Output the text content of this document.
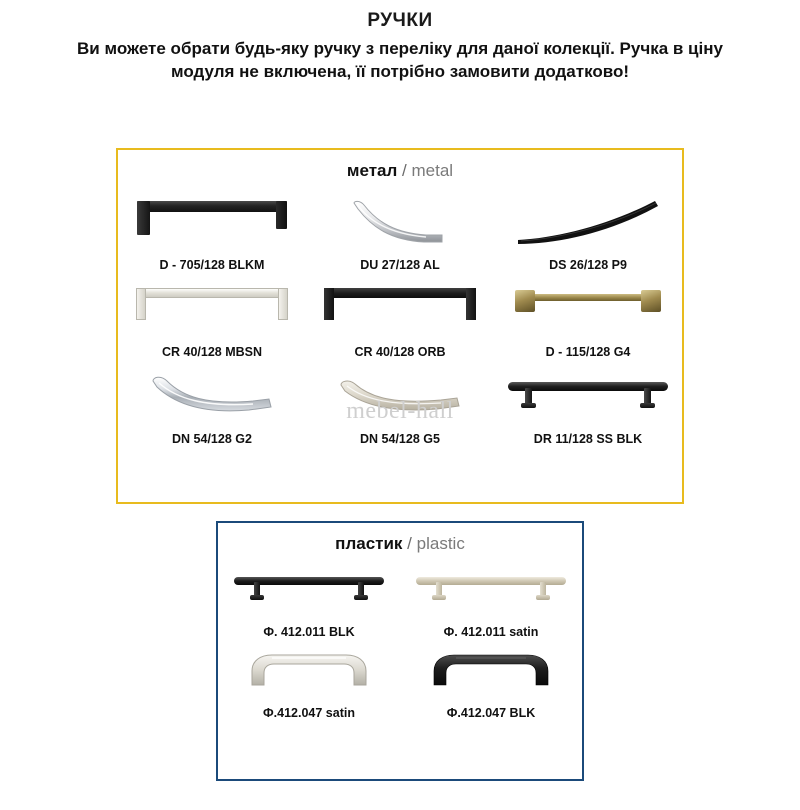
РУЧКИ
Ви можете обрати будь-яку ручку з переліку для даної колекції. Ручка в ціну модуля не включена, її потрібно замовити додатково!
метал / metal
D - 705/128 BLKM	DU 27/128 AL	DS 26/128 P9
CR 40/128 MBSN	CR 40/128 ORB	D - 115/128 G4
DN 54/128 G2	DN 54/128 G5	DR 11/128 SS BLK
mebel-hall
пластик / plastic
Ф. 412.011 BLK	Ф. 412.011 satin
Ф.412.047 satin	Ф.412.047 BLK
